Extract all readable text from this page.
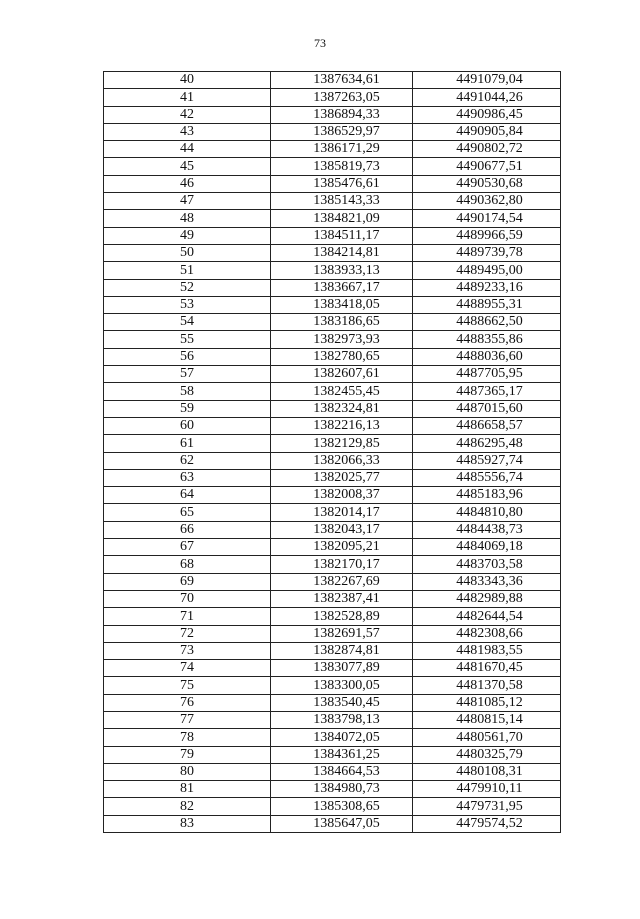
73
40	1387634,61	4491079,04
41	1387263,05	4491044,26
42	1386894,33	4490986,45
43	1386529,97	4490905,84
44	1386171,29	4490802,72
45	1385819,73	4490677,51
46	1385476,61	4490530,68
47	1385143,33	4490362,80
48	1384821,09	4490174,54
49	1384511,17	4489966,59
50	1384214,81	4489739,78
51	1383933,13	4489495,00
52	1383667,17	4489233,16
53	1383418,05	4488955,31
54	1383186,65	4488662,50
55	1382973,93	4488355,86
56	1382780,65	4488036,60
57	1382607,61	4487705,95
58	1382455,45	4487365,17
59	1382324,81	4487015,60
60	1382216,13	4486658,57
61	1382129,85	4486295,48
62	1382066,33	4485927,74
63	1382025,77	4485556,74
64	1382008,37	4485183,96
65	1382014,17	4484810,80
66	1382043,17	4484438,73
67	1382095,21	4484069,18
68	1382170,17	4483703,58
69	1382267,69	4483343,36
70	1382387,41	4482989,88
71	1382528,89	4482644,54
72	1382691,57	4482308,66
73	1382874,81	4481983,55
74	1383077,89	4481670,45
75	1383300,05	4481370,58
76	1383540,45	4481085,12
77	1383798,13	4480815,14
78	1384072,05	4480561,70
79	1384361,25	4480325,79
80	1384664,53	4480108,31
81	1384980,73	4479910,11
82	1385308,65	4479731,95
83	1385647,05	4479574,52
